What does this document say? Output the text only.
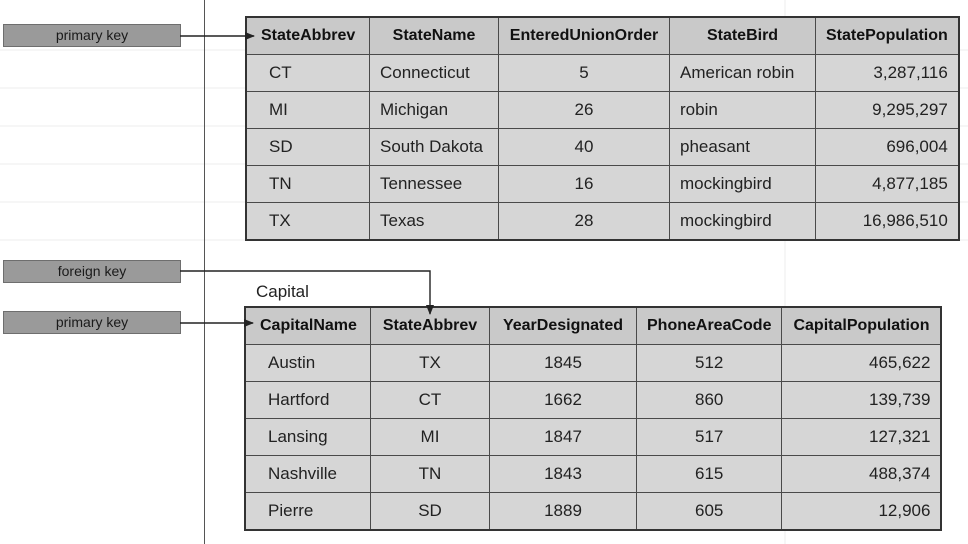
primary key
foreign key
primary key
StateAbbrev	StateName	EnteredUnionOrder	StateBird	StatePopulation
CT	Connecticut	5	American robin	3,287,116
MI	Michigan	26	robin	9,295,297
SD	South Dakota	40	pheasant	696,004
TN	Tennessee	16	mockingbird	4,877,185
TX	Texas	28	mockingbird	16,986,510
Capital
CapitalName	StateAbbrev	YearDesignated	PhoneAreaCode	CapitalPopulation
Austin	TX	1845	512	465,622
Hartford	CT	1662	860	139,739
Lansing	MI	1847	517	127,321
Nashville	TN	1843	615	488,374
Pierre	SD	1889	605	12,906
